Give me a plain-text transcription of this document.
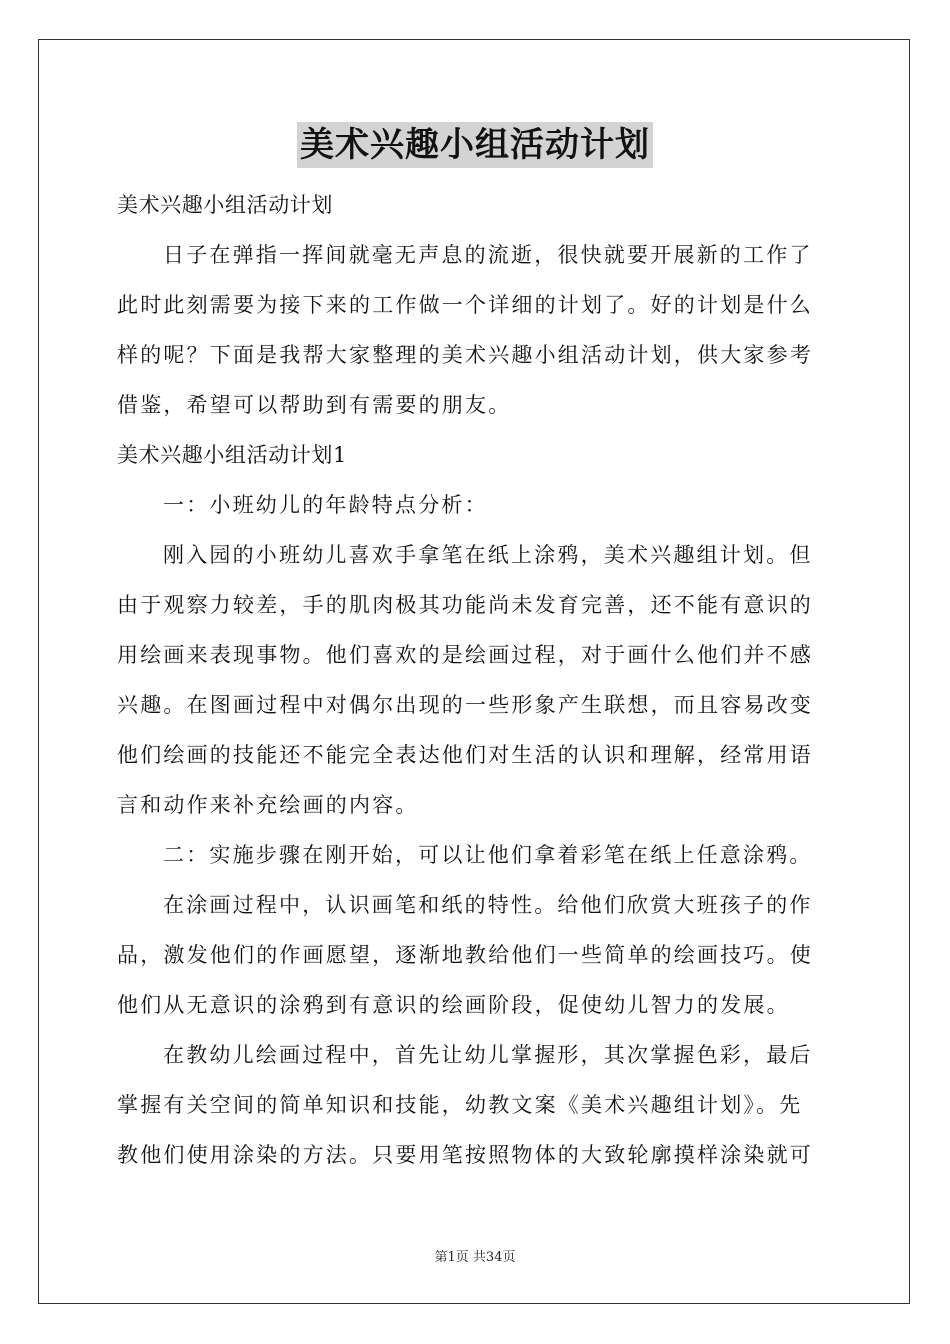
美术兴趣小组活动计划
美术兴趣小组活动计划
日子在弹指一挥间就毫无声息的流逝，很快就要开展新的工作了
此时此刻需要为接下来的工作做一个详细的计划了。好的计划是什么
样的呢？下面是我帮大家整理的美术兴趣小组活动计划，供大家参考
借鉴，希望可以帮助到有需要的朋友。
美术兴趣小组活动计划1
一：小班幼儿的年龄特点分析：
刚入园的小班幼儿喜欢手拿笔在纸上涂鸦，美术兴趣组计划。但
由于观察力较差，手的肌肉极其功能尚未发育完善，还不能有意识的
用绘画来表现事物。他们喜欢的是绘画过程，对于画什么他们并不感
兴趣。在图画过程中对偶尔出现的一些形象产生联想，而且容易改变
他们绘画的技能还不能完全表达他们对生活的认识和理解，经常用语
言和动作来补充绘画的内容。
二：实施步骤在刚开始，可以让他们拿着彩笔在纸上任意涂鸦。
在涂画过程中，认识画笔和纸的特性。给他们欣赏大班孩子的作
品，激发他们的作画愿望，逐渐地教给他们一些简单的绘画技巧。使
他们从无意识的涂鸦到有意识的绘画阶段，促使幼儿智力的发展。
在教幼儿绘画过程中，首先让幼儿掌握形，其次掌握色彩，最后
掌握有关空间的简单知识和技能，幼教文案《美术兴趣组计划》。先
教他们使用涂染的方法。只要用笔按照物体的大致轮廓摸样涂染就可
第1页 共34页
